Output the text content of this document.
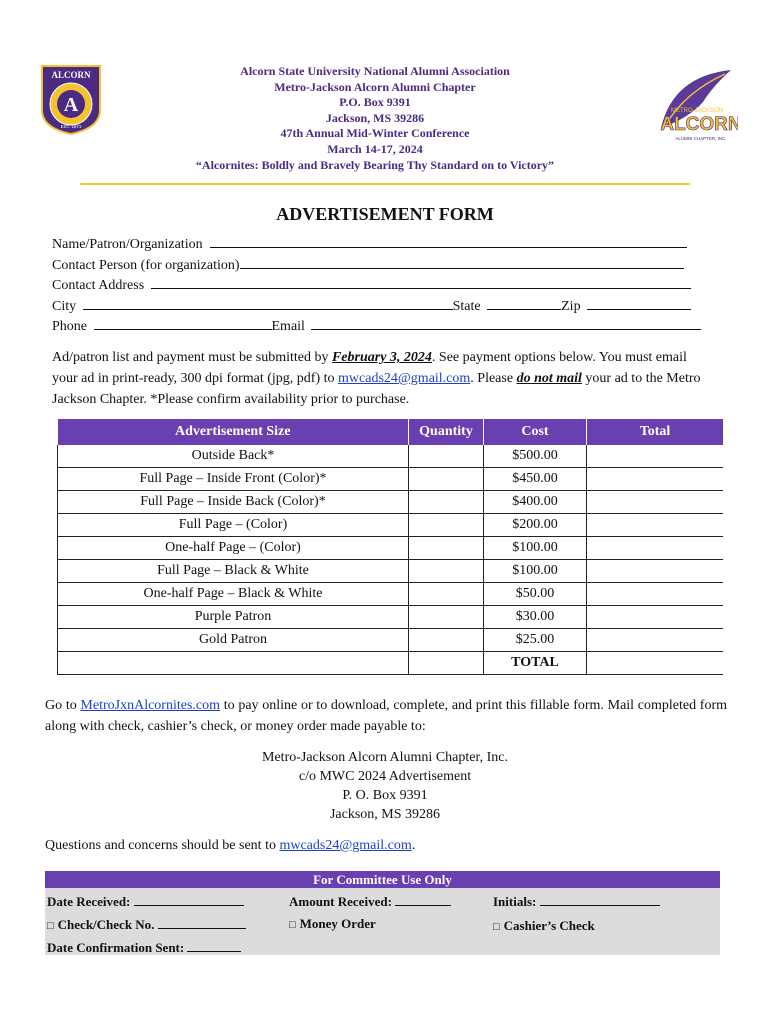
ALCORN
A
EST. 1871
Alcorn State University National Alumni Association
Metro-Jackson Alcorn Alumni Chapter
P.O. Box 9391
Jackson, MS 39286
47th Annual Mid-Winter Conference
March 14-17, 2024
“Alcornites: Boldly and Bravely Bearing Thy Standard on to Victory”
METRO-JACKSON
ALCORN
ALUMNI CHAPTER, INC.
ADVERTISEMENT FORM
Name/Patron/Organization
Contact Person (for organization)
Contact Address
City	State	Zip
Phone	Email
Ad/patron list and payment must be submitted by February 3, 2024. See payment options below. You must email your ad in print-ready, 300 dpi format (jpg, pdf) to mwcads24@gmail.com. Please do not mail your ad to the Metro Jackson Chapter. *Please confirm availability prior to purchase.
Advertisement Size	Quantity	Cost	Total
Outside Back*		$500.00	
Full Page – Inside Front (Color)*		$450.00	
Full Page – Inside Back (Color)*		$400.00	
Full Page – (Color)		$200.00	
One-half Page – (Color)		$100.00	
Full Page – Black & White		$100.00	
One-half Page – Black & White		$50.00	
Purple Patron		$30.00	
Gold Patron		$25.00	
		TOTAL	
Go to MetroJxnAlcornites.com to pay online or to download, complete, and print this fillable form. Mail completed form along with check, cashier’s check, or money order made payable to:
Metro-Jackson Alcorn Alumni Chapter, Inc.
c/o MWC 2024 Advertisement
P. O. Box 9391
Jackson, MS 39286
Questions and concerns should be sent to mwcads24@gmail.com.
For Committee Use Only
Date Received:	Amount Received:	Initials:
□ Check/Check No.	□ Money Order	□ Cashier’s Check
Date Confirmation Sent:
